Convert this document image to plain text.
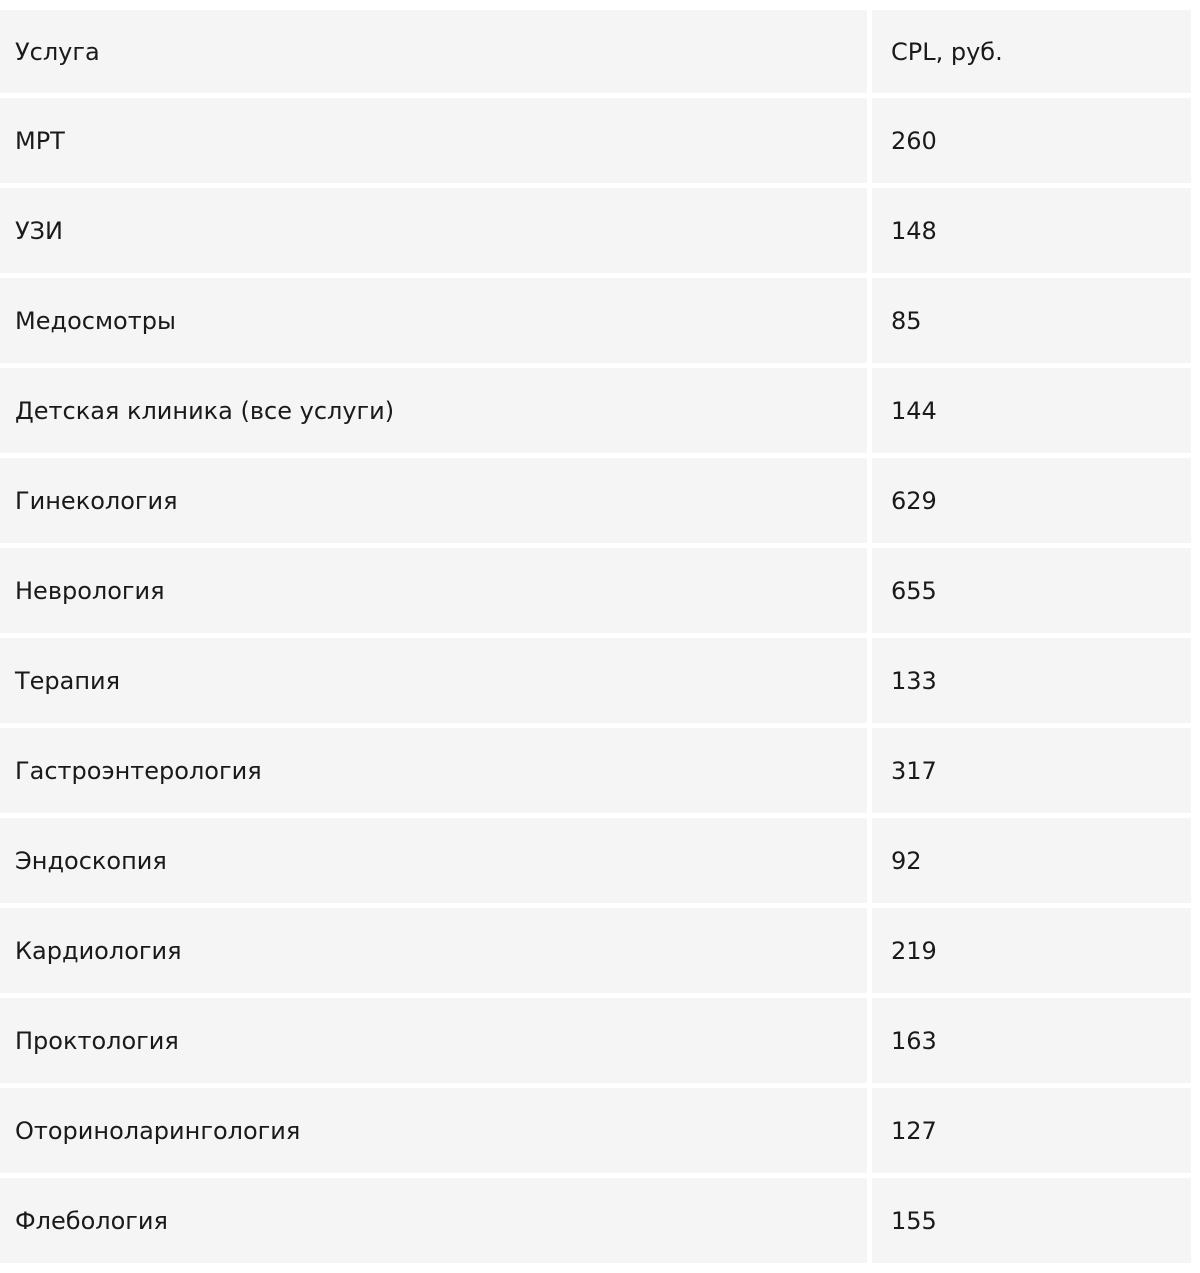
Услуга	CPL, руб.
МРТ	260
УЗИ	148
Медосмотры	85
Детская клиника (все услуги)	144
Гинекология	629
Неврология	655
Терапия	133
Гастроэнтерология	317
Эндоскопия	92
Кардиология	219
Проктология	163
Оториноларингология	127
Флебология	155
